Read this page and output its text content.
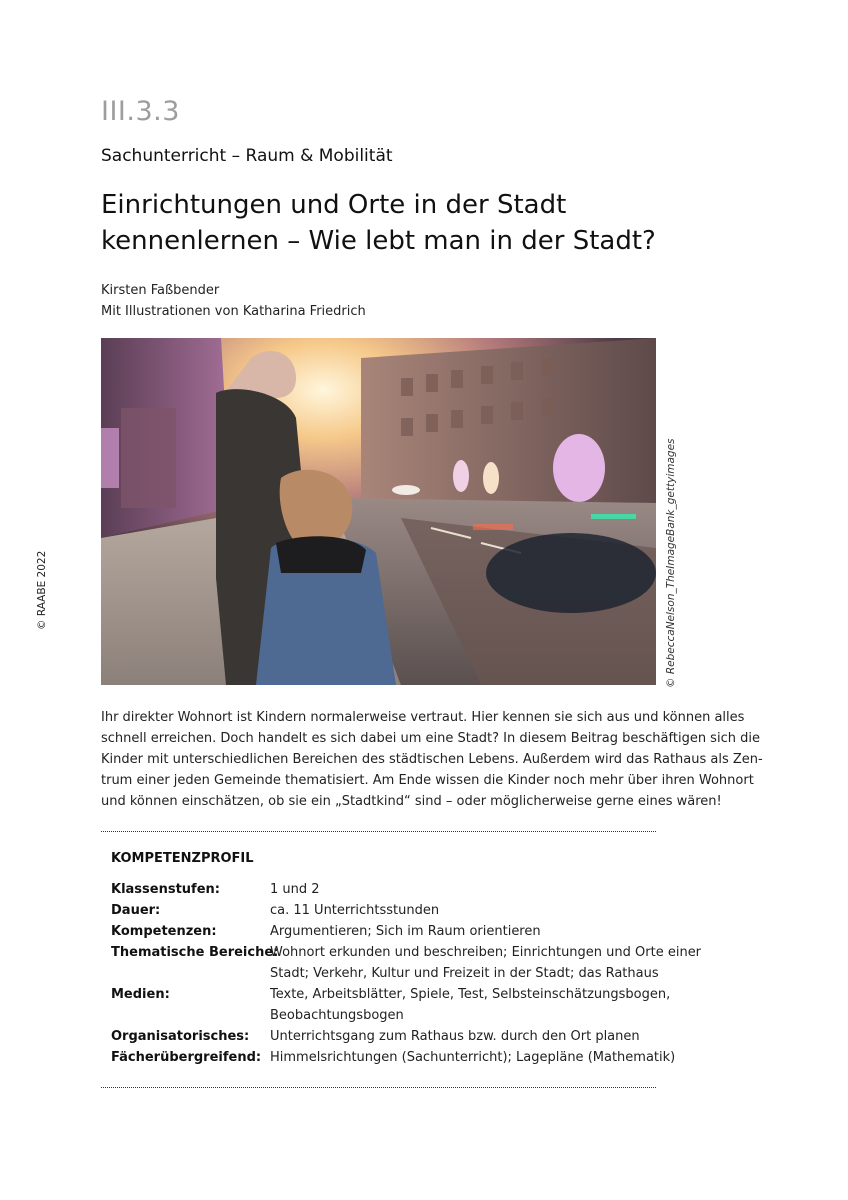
III.3.3
Sachunterricht – Raum & Mobilität
Einrichtungen und Orte in der Stadt
kennenlernen – Wie lebt man in der Stadt?
Kirsten Faßbender
Mit Illustrationen von Katharina Friedrich
© RAABE 2022	© RebeccaNelson_TheImageBank_gettyimages

Ihr direkter Wohnort ist Kindern normalerweise vertraut. Hier kennen sie sich aus und können alles
schnell erreichen. Doch handelt es sich dabei um eine Stadt? In diesem Beitrag beschäftigen sich die
Kinder mit unterschiedlichen Bereichen des städtischen Lebens. Außerdem wird das Rathaus als Zen-
trum einer jeden Gemeinde thematisiert. Am Ende wissen die Kinder noch mehr über ihren Wohnort
und können einschätzen, ob sie ein „Stadtkind“ sind – oder möglicherweise gerne eines wären!

KOMPETENZPROFIL
Klassenstufen:	1 und 2
Dauer:	ca. 11 Unterrichtsstunden
Kompetenzen:	Argumentieren; Sich im Raum orientieren
Thematische Bereiche:
Wohnort erkunden und beschreiben; Einrichtungen und Orte einer
Stadt; Verkehr, Kultur und Freizeit in der Stadt; das Rathaus
Medien:	Texte, Arbeitsblätter, Spiele, Test, Selbsteinschätzungsbogen,
Beobachtungsbogen
Organisatorisches:	Unterrichtsgang zum Rathaus bzw. durch den Ort planen
Fächerübergreifend: Himmelsrichtungen (Sachunterricht); Lagepläne (Mathematik)
